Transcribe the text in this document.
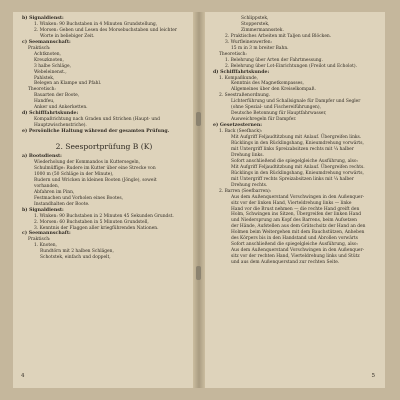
b) Signaldienst:
1. Winken: 90 Buchstaben in 4 Minuten Grundstellung,
2. Morsen: Geben und Lesen des Morsebuchstaben und leichter
Worte in beliebiger Zeit.
c) Seemannschaft:
Praktisch:
Achtknoten,
Kreuzknoten,
3 halbe Schläge,
Webeleinenst.,
Pahlstek,
Belegen an Klampe und Pfahl.
Theoretisch:
Bauarten der Boote,
Handfeu,
Anker und Ankerketten.
d) Schifffahrtskunde:
Kompaßrichtung nach Graden und Strichen (Haupt- und
Hauptzwischenstriche).
e) Persönliche Haltung während der gesamten Prüfung.
2. Seesportprüfung B (K)
a) Bootsdienst:
Wiederholung der Kommandos in Kuttersegeln,
Schulmüffige: Rudere im Kutter über eine Strecke von
1000 m (50 Schläge in der Minute),
Rudern und Wricken in kleinen Booten (Jöngle), soweit
vorhanden,
Abfahren im Pinn,
Festmachen und Vorholen eines Bootes,
Instandhalten der Boote.
b) Signaldienst:
1. Winken: 90 Buchstaben in 2 Minuten 45 Sekunden Grundst.
2. Morsen: 60 Buchstaben in 5 Minuten Grundstell,
3. Kenntnis der Flaggen aller kriegführenden Nationen.
c) Seemannschaft:
Praktisch:
1. Knoten,
Rundtörn mit 2 halben Schlägen,
Schotstek, einfach und doppelt,
4
Schlippstek,
Stopperstek,
Zimmermannsstek.
2. Praktisches Arbeiten mit Taljen und Blöcken.
3. Wurfleinenwerfen:
15 m in 3 m breiter Bahn.
Theoretisch:
1. Belehrung über Arten der Fahrtmessung.
2. Belehrung über Lot-Einrichtungen (Freilot und Echolot).
d) Schifffahrtskunde:
1. Kompaßkunde,
Kenntnis des Magnetkompasses,
Allgemeines über den Kreiselkompaß.
2. Seestraßenordnung.
Lichterführung und Schallsignale für Dampfer und Segler
(ohne Spezial- und Fischereiführungen),
Deutsche Betonnung für Hauptfahrwasser,
Ausweichregeln für Dampfer.
e) Gesetzesternen:
1. Back (Seefback):
Mit Aufgriff Feljaudtitzbung mit Anlauf. Übergreifen links.
Rücklings in den Rücklingshang, Knieumdrehung vorwärts,
mit Untergriff links Spreizabsitzen rechts mit ¼ halber
Drehung links.
Sofort anschließend die spiegelgleiche Ausführung, also:
Mit Aufgriff Feljaudtitzbung mit Anlauf. Übergreifen rechts.
Rücklings in den Rücklingshang, Knieumdrehung vorwärts,
mit Untergriff rechts Spreizabsitzen links mit ¼ halber
Drehung rechts.
2. Barren (Seefbarren):
Aus dem Außenquerstand Vorschwingen in den Außenquer-
sitz vor der linken Hand, Vierteldrehung links — linke
Hand vor die Brust nehmen — die rechte Hand greift den
Holm, Schwingen ins Sitzen, Übergreifen der linken Hand
und Niedersprung am Kopf des Barrens, beim Aufsetzen
der Hände, Aufstellen aus dem Grätschsitz der Hand an den
Holmen beim Weitergehen mit dem Bauchstützen, Anheben
des Körpers bis in den Handstand und Abrollen vorwärts
Sofort anschließend die spiegelgleiche Ausführung, also:
Aus dem Außenquerstand Vorschwingen in den Außenquer-
sitz vor der rechten Hand, Vierteldrehung links und Stütz
und aus dem Außenquerstand zur rechten Seite.
5
